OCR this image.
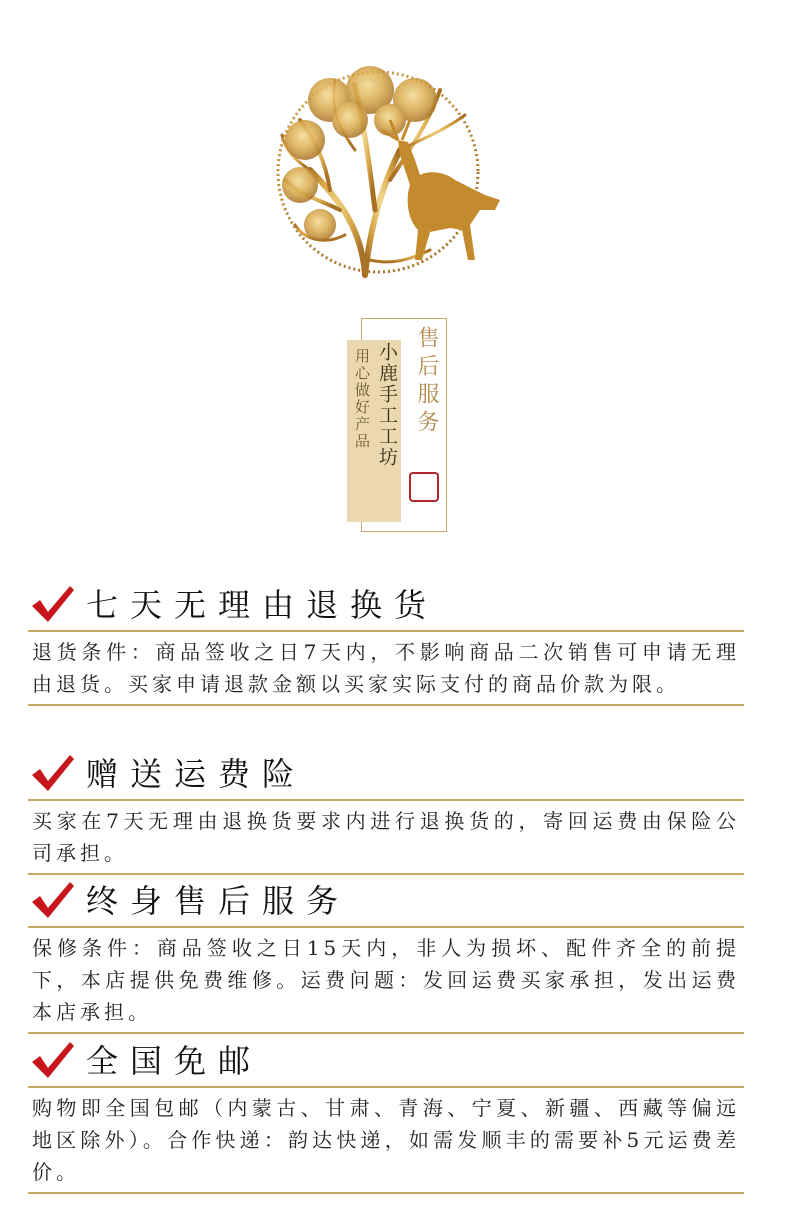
用心做好产品 小鹿手工工坊 售后服务
七天无理由退换货
退货条件：商品签收之日7天内，不影响商品二次销售可申请无理由退货。买家申请退款金额以买家实际支付的商品价款为限。
赠送运费险
买家在7天无理由退换货要求内进行退换货的，寄回运费由保险公司承担。
终身售后服务
保修条件：商品签收之日15天内，非人为损坏、配件齐全的前提下，本店提供免费维修。运费问题：发回运费买家承担，发出运费本店承担。
全国免邮
购物即全国包邮（内蒙古、甘肃、青海、宁夏、新疆、西藏等偏远地区除外）。合作快递：韵达快递，如需发顺丰的需要补5元运费差价。
